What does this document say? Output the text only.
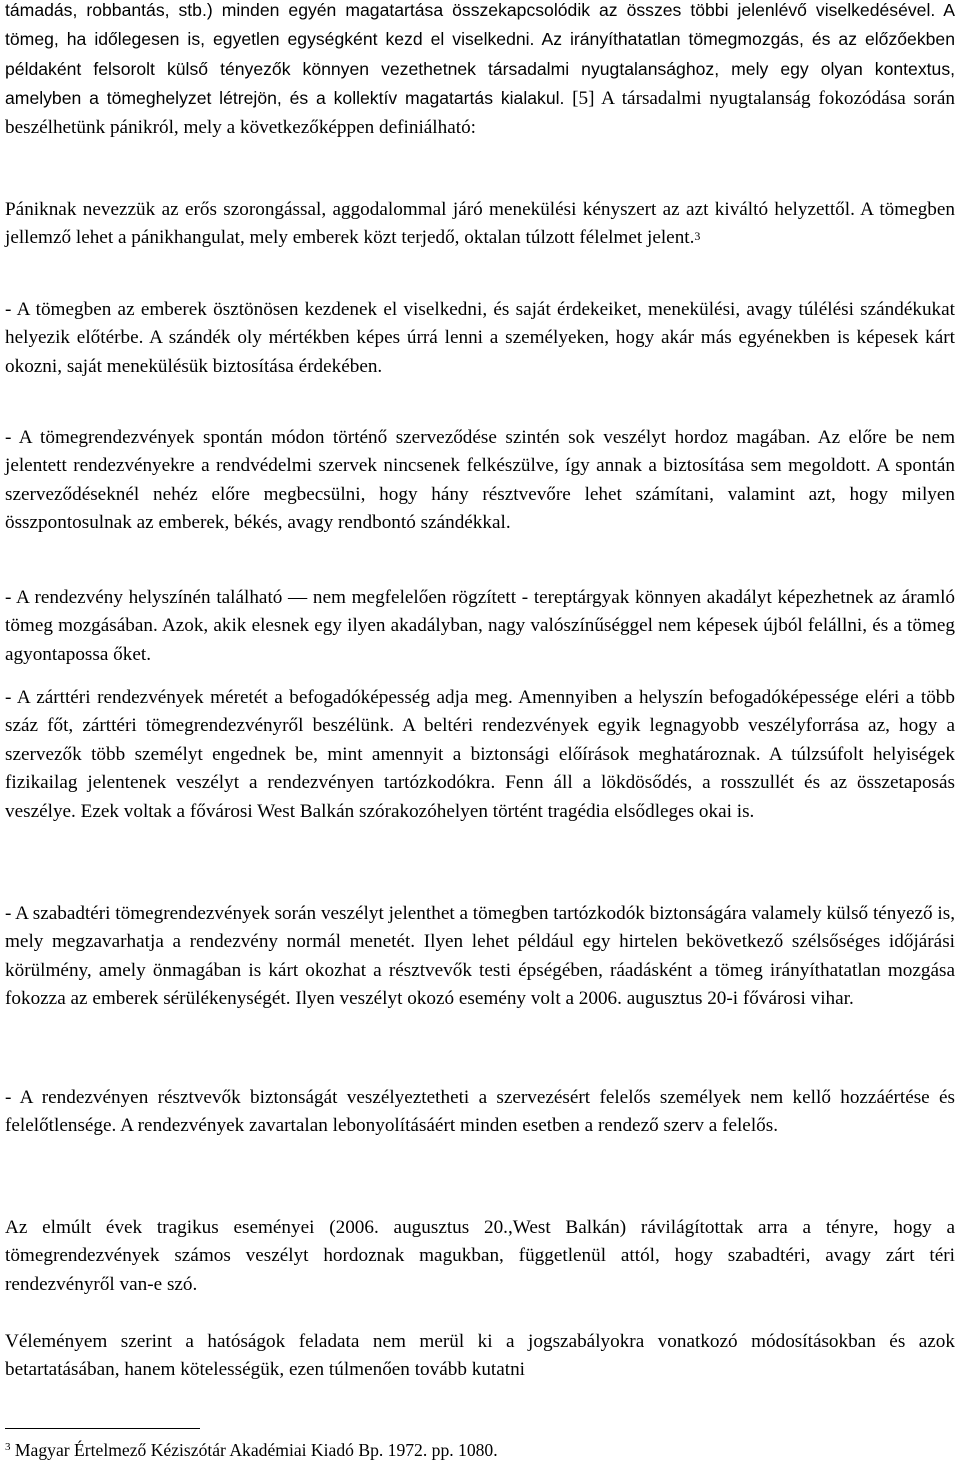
támadás, robbantás, stb.) minden egyén magatartása összekapcsolódik az összes többi jelenlévő viselkedésével. A tömeg, ha időlegesen is, egyetlen egységként kezd el viselkedni. Az irányíthatatlan tömegmozgás, és az előzőekben példaként felsorolt külső tényezők könnyen vezethetnek társadalmi nyugtalansághoz, mely egy olyan kontextus, amelyben a tömeghelyzet létrejön, és a kollektív magatartás kialakul. [5] A társadalmi nyugtalanság fokozódása során beszélhetünk pánikról, mely a következőképpen definiálható:

Pániknak nevezzük az erős szorongással, aggodalommal járó menekülési kényszert az azt kiváltó helyzettől. A tömegben jellemző lehet a pánikhangulat, mely emberek közt terjedő, oktalan túlzott félelmet jelent.$^3$

- A tömegben az emberek ösztönösen kezdenek el viselkedni, és saját érdekeiket, menekülési, avagy túlélési szándékukat helyezik előtérbe. A szándék oly mértékben képes úrrá lenni a személyeken, hogy akár más egyénekben is képesek kárt okozni, saját menekülésük biztosítása érdekében.

- A tömegrendezvények spontán módon történő szerveződése szintén sok veszélyt hordoz magában. Az előre be nem jelentett rendezvényekre a rendvédelmi szervek nincsenek felkészülve, így annak a biztosítása sem megoldott. A spontán szerveződéseknél nehéz előre megbecsülni, hogy hány résztvevőre lehet számítani, valamint azt, hogy milyen összpontosulnak az emberek, békés, avagy rendbontó szándékkal.

- A rendezvény helyszínén található — nem megfelelően rögzített - tereptárgyak könnyen akadályt képezhetnek az áramló tömeg mozgásában. Azok, akik elesnek egy ilyen akadályban, nagy valószínűséggel nem képesek újból felállni, és a tömeg agyontapossa őket.

- A zárttéri rendezvények méretét a befogadóképesség adja meg. Amennyiben a helyszín befogadóképessége eléri a több száz főt, zárttéri tömegrendezvényről beszélünk. A beltéri rendezvények egyik legnagyobb veszélyforrása az, hogy a szervezők több személyt engednek be, mint amennyit a biztonsági előírások meghatároznak. A túlzsúfolt helyiségek fizikailag jelentenek veszélyt a rendezvényen tartózkodókra. Fenn áll a lökdösődés, a rosszullét és az összetaposás veszélye. Ezek voltak a fővárosi West Balkán szórakozóhelyen történt tragédia elsődleges okai is.

- A szabadtéri tömegrendezvények során veszélyt jelenthet a tömegben tartózkodók biztonságára valamely külső tényező is, mely megzavarhatja a rendezvény normál menetét. Ilyen lehet például egy hirtelen bekövetkező szélsőséges időjárási körülmény, amely önmagában is kárt okozhat a résztvevők testi épségében, ráadásként a tömeg irányíthatatlan mozgása fokozza az emberek sérülékenységét. Ilyen veszélyt okozó esemény volt a 2006. augusztus 20-i fővárosi vihar.

- A rendezvényen résztvevők biztonságát veszélyeztetheti a szervezésért felelős személyek nem kellő hozzáértése és felelőtlensége. A rendezvények zavartalan lebonyolításáért minden esetben a rendező szerv a felelős.

Az elmúlt évek tragikus eseményei (2006. augusztus 20.,West Balkán) rávilágítottak arra a tényre, hogy a tömegrendezvények számos veszélyt hordoznak magukban, függetlenül attól, hogy szabadtéri, avagy zárt téri rendezvényről van-e szó.

Véleményem szerint a hatóságok feladata nem merül ki a jogszabályokra vonatkozó módosításokban és azok betartatásában, hanem kötelességük, ezen túlmenően tovább kutatni

$^3$ Magyar Értelmező Kéziszótár Akadémiai Kiadó Bp. 1972. pp. 1080.
